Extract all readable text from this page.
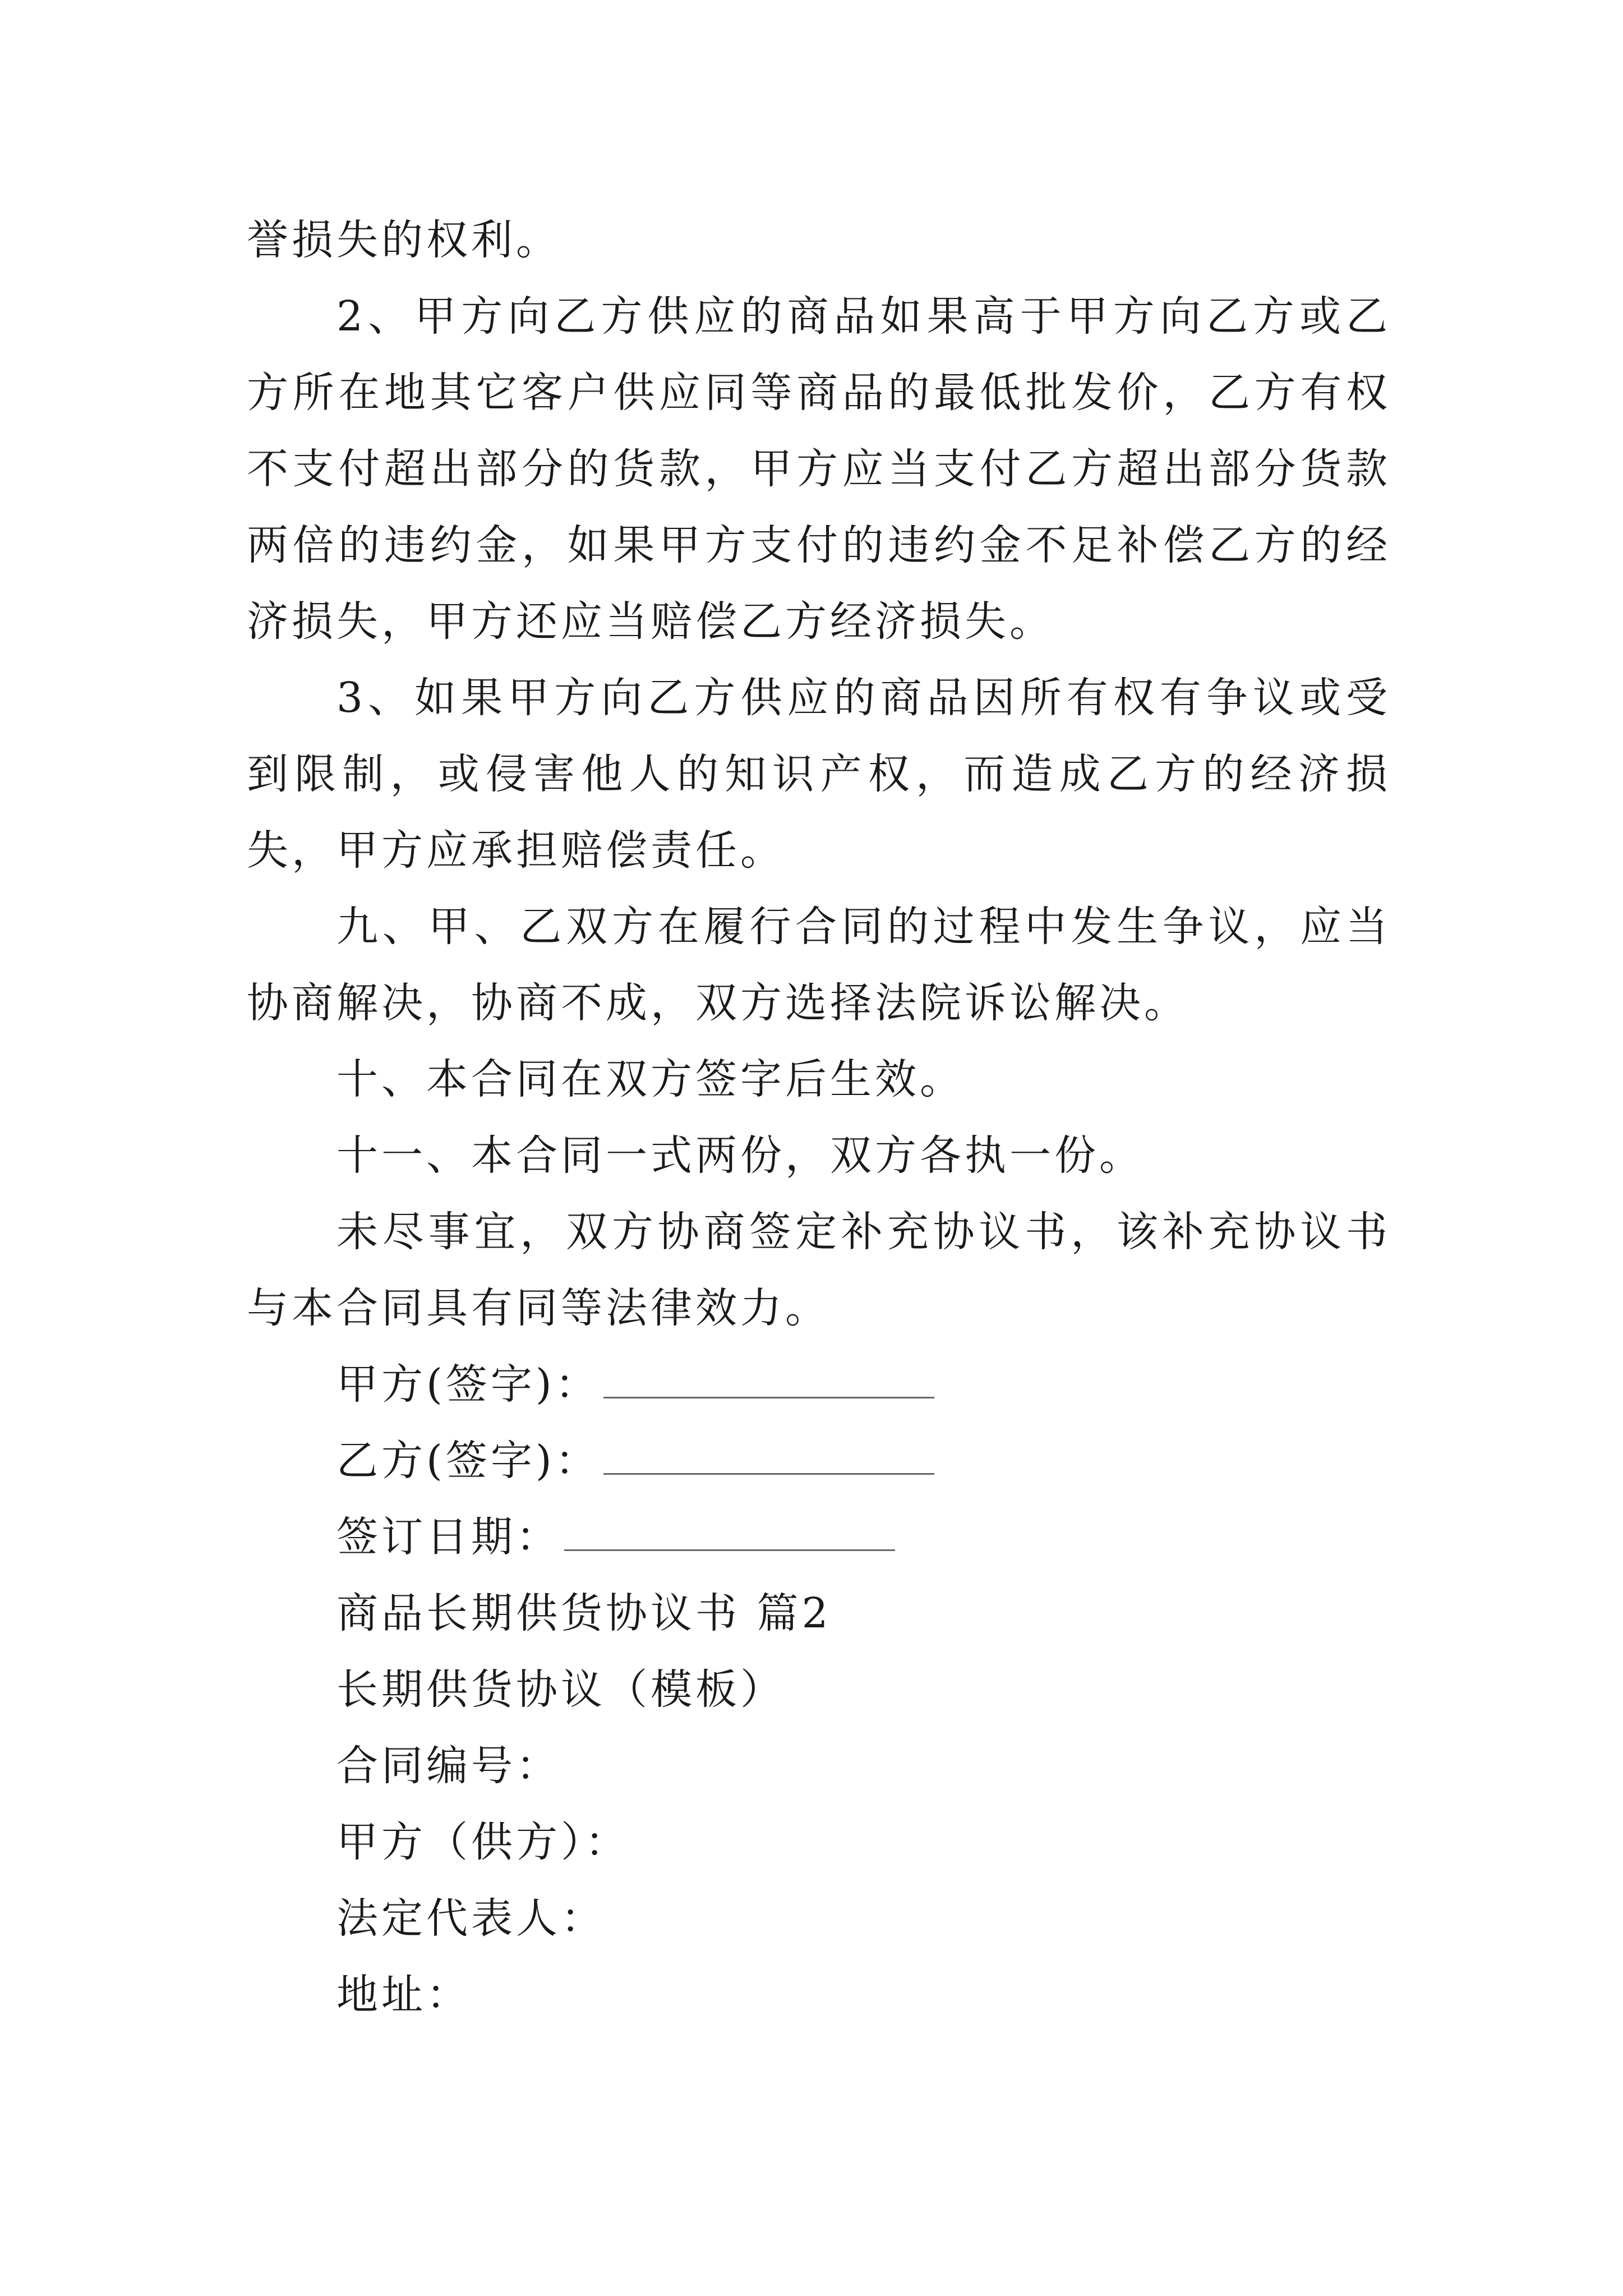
誉损失的权利。

2、甲方向乙方供应的商品如果高于甲方向乙方或乙方所在地其它客户供应同等商品的最低批发价，乙方有权不支付超出部分的货款，甲方应当支付乙方超出部分货款两倍的违约金，如果甲方支付的违约金不足补偿乙方的经济损失，甲方还应当赔偿乙方经济损失。

3、如果甲方向乙方供应的商品因所有权有争议或受到限制，或侵害他人的知识产权，而造成乙方的经济损失，甲方应承担赔偿责任。

九、甲、乙双方在履行合同的过程中发生争议，应当协商解决，协商不成，双方选择法院诉讼解决。

十、本合同在双方签字后生效。

十一、本合同一式两份，双方各执一份。

未尽事宜，双方协商签定补充协议书，该补充协议书与本合同具有同等法律效力。

甲方(签字)：

乙方(签字)：

签订日期：

商品长期供货协议书 篇2

长期供货协议（模板）

合同编号：

甲方（供方）：

法定代表人：

地址：
